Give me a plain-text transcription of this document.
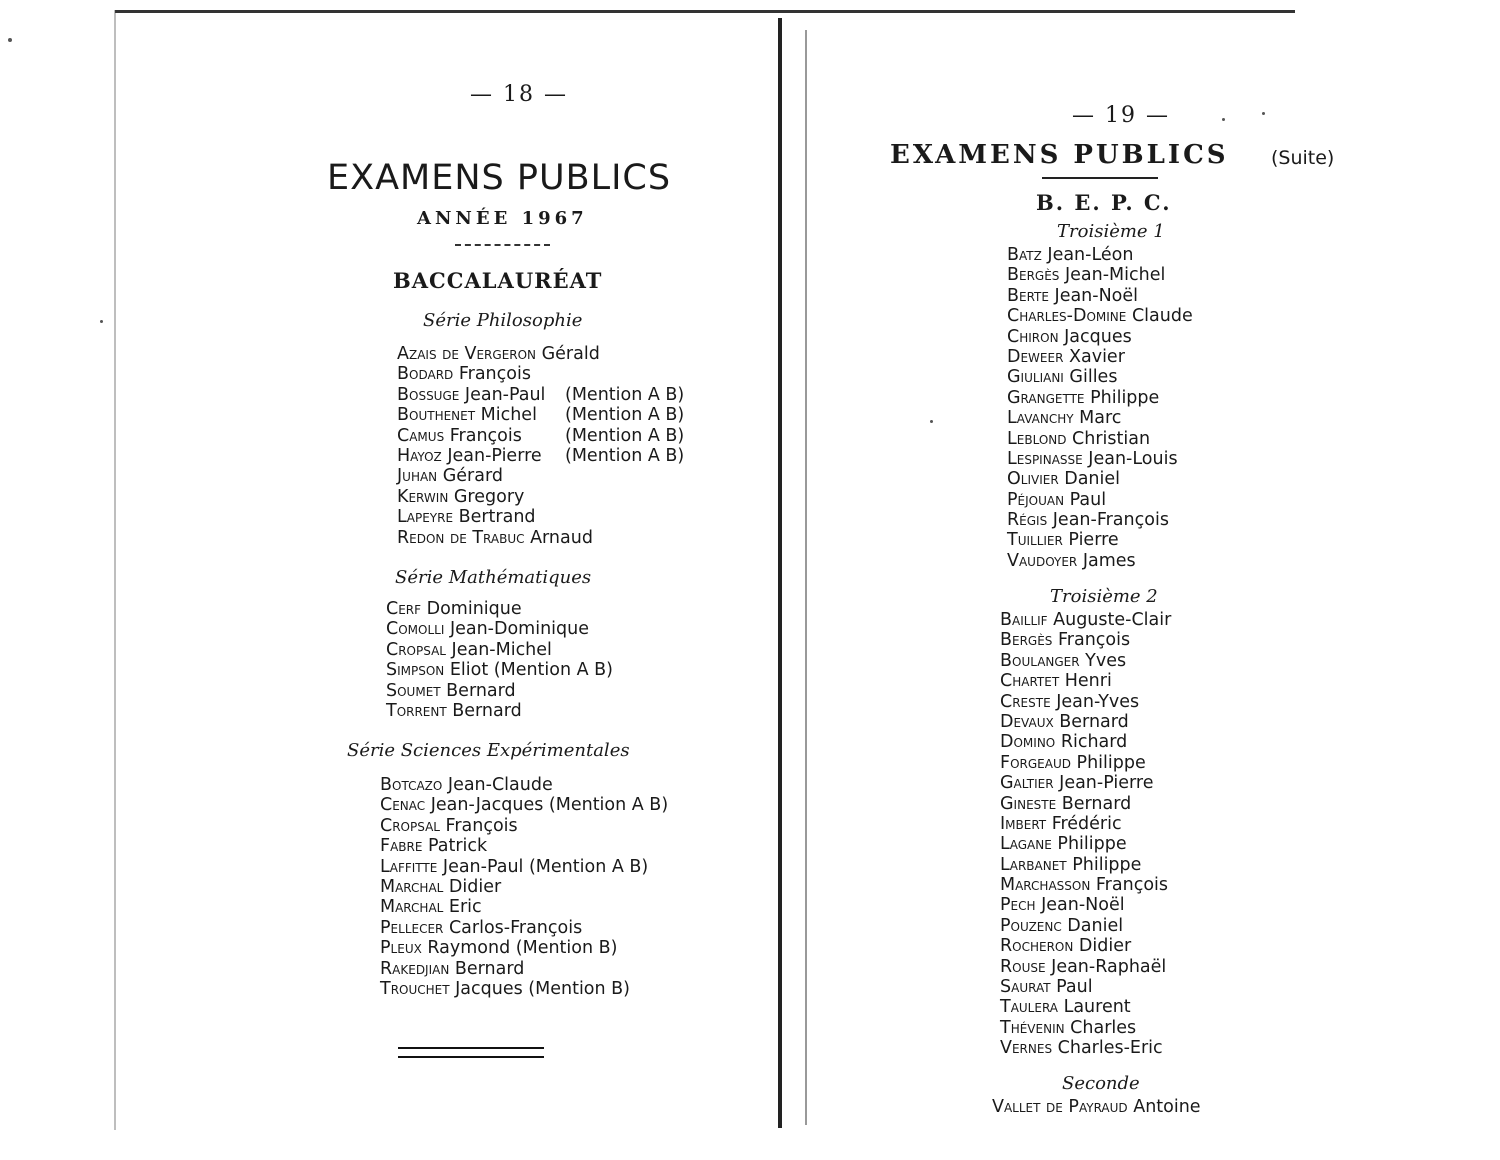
— 18 —
EXAMENS PUBLICS
ANNÉE 1967
BACCALAURÉAT
Série Philosophie
Azais de Vergeron Gérald
Bodard François
Bossuge Jean-Paul (Mention A B)
Bouthenet Michel (Mention A B)
Camus François (Mention A B)
Hayoz Jean-Pierre (Mention A B)
Juhan Gérard
Kerwin Gregory
Lapeyre Bertrand
Redon de Trabuc Arnaud
Série Mathématiques
Cerf Dominique
Comolli Jean-Dominique
Cropsal Jean-Michel
Simpson Eliot (Mention A B)
Soumet Bernard
Torrent Bernard
Série Sciences Expérimentales
Botcazo Jean-Claude
Cenac Jean-Jacques (Mention A B)
Cropsal François
Fabre Patrick
Laffitte Jean-Paul (Mention A B)
Marchal Didier
Marchal Eric
Pellecer Carlos-François
Pleux Raymond (Mention B)
Rakedjian Bernard
Trouchet Jacques (Mention B)
— 19 —
EXAMENS PUBLICS (Suite)
B. E. P. C.
Troisième 1
Batz Jean-Léon
Bergès Jean-Michel
Berte Jean-Noël
Charles-Domine Claude
Chiron Jacques
Deweer Xavier
Giuliani Gilles
Grangette Philippe
Lavanchy Marc
Leblond Christian
Lespinasse Jean-Louis
Olivier Daniel
Péjouan Paul
Régis Jean-François
Tuillier Pierre
Vaudoyer James
Troisième 2
Baillif Auguste-Clair
Bergès François
Boulanger Yves
Chartet Henri
Creste Jean-Yves
Devaux Bernard
Domino Richard
Forgeaud Philippe
Galtier Jean-Pierre
Gineste Bernard
Imbert Frédéric
Lagane Philippe
Larbanet Philippe
Marchasson François
Pech Jean-Noël
Pouzenc Daniel
Rocheron Didier
Rouse Jean-Raphaël
Saurat Paul
Taulera Laurent
Thévenin Charles
Vernes Charles-Eric
Seconde
Vallet de Payraud Antoine
